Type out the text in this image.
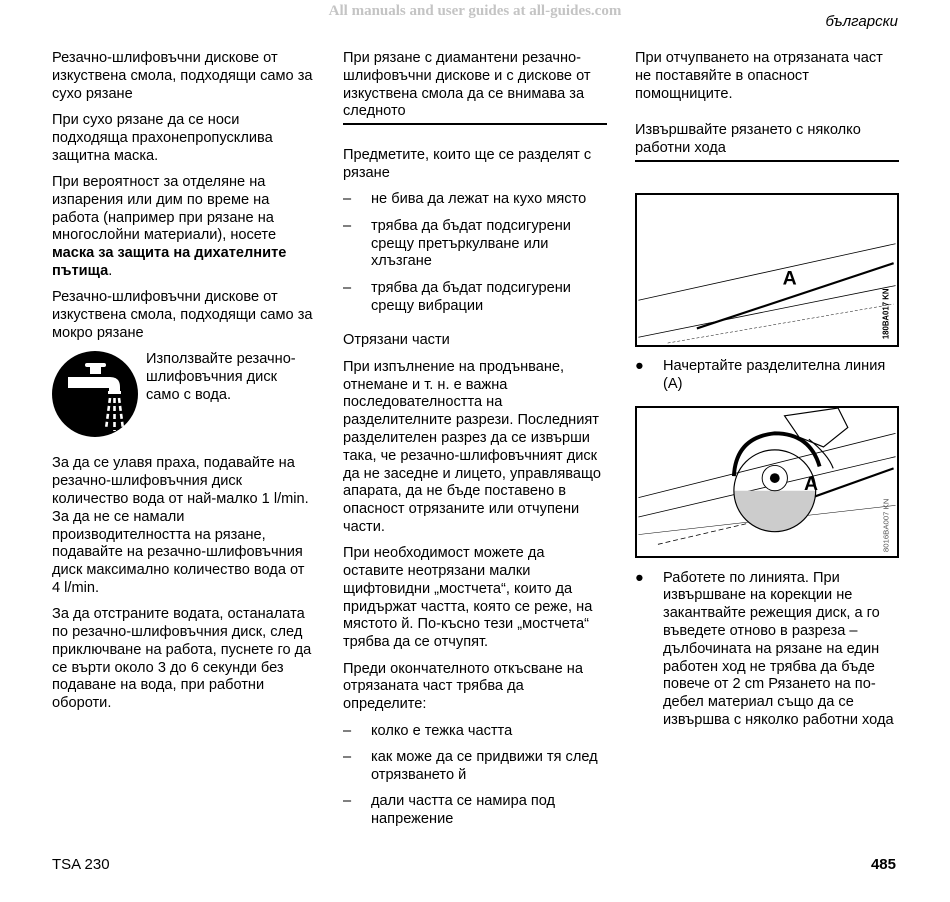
All manuals and user guides at all-guides.com
български

Резачно-шлифовъчни дискове от изкуствена смола, подходящи само за сухо рязане

При сухо рязане да се носи подходяща прахонепропусклива защитна маска.

При вероятност за отделяне на изпарения или дим по време на работа (например при рязане на многослойни материали), носете маска за защита на дихателните пътища.

Резачно-шлифовъчни дискове от изкуствена смола, подходящи само за мокро рязане

Използвайте резачно-шлифовъчния диск само с вода.

За да се улавя праха, подавайте на резачно-шлифовъчния диск количество вода от най-малко 1 l/min. За да не се намали производителността на рязане, подавайте на резачно-шлифовъчния диск максимално количество вода от 4 l/min.

За да отстраните водата, останалата по резачно-шлифовъчния диск, след приключване на работа, пуснете го да се върти около 3 до 6 секунди без подаване на вода, при работни обороти.

При рязане с диамантени резачно-шлифовъчни дискове и с дискове от изкуствена смола да се внимава за следното

Предметите, които ще се разделят с рязане

– не бива да лежат на кухо място
– трябва да бъдат подсигурени срещу претъркулване или хлъзгане
– трябва да бъдат подсигурени срещу вибрации

Отрязани части

При изпълнение на продънване, отнемане и т. н. е важна последователността на разделителните разрези. Последният разделителен разрез да се извърши така, че резачно-шлифовъчният диск да не заседне и лицето, управляващо апарата, да не бъде поставено в опасност отрязаните или отчупени части.

При необходимост можете да оставите неотрязани малки щифтовидни „мостчета“, които да придържат частта, която се реже, на мястото й. По-късно тези „мостчета“ трябва да се отчупят.

Преди окончателното откъсване на отрязаната част трябва да определите:

– колко е тежка частта
– как може да се придвижи тя след отрязването й
– дали частта се намира под напрежение

При отчупването на отрязаната част не поставяйте в опасност помощниците.

Извършвайте рязането с няколко работни хода

A
180BA017 KN
● Начертайте разделителна линия (A)
A
8016BA007 KN
● Работете по линията. При извършване на корекции не закантвайте режещия диск, а го въведете отново в разреза – дълбочината на рязане на един работен ход не трябва да бъде повече от 2 cm Рязането на по-дебел материал също да се извършва с няколко работни хода
TSA 230	485
